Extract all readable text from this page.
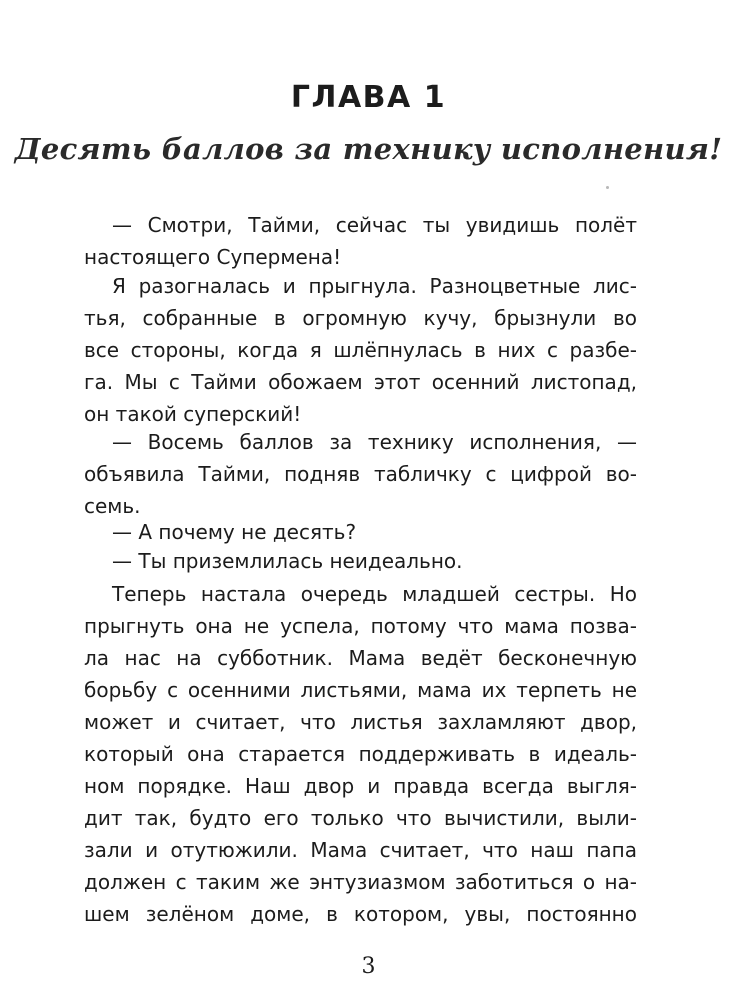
ГЛАВА 1
Десять баллов за технику исполнения!

— Смотри, Тайми, сейчас ты увидишь полёт

настоящего Супермена!

Я разогналась и прыгнула. Разноцветные лис-

тья, собранные в огромную кучу, брызнули во

все стороны, когда я шлёпнулась в них с разбе-

га. Мы с Тайми обожаем этот осенний листопад,

он такой суперский!

— Восемь баллов за технику исполнения, —

объявила Тайми, подняв табличку с цифрой во-

семь.

— А почему не десять?

— Ты приземлилась неидеально.

Теперь настала очередь младшей сестры. Но

прыгнуть она не успела, потому что мама позва-

ла нас на субботник. Мама ведёт бесконечную

борьбу с осенними листьями, мама их терпеть не

может и считает, что листья захламляют двор,

который она старается поддерживать в идеаль-

ном порядке. Наш двор и правда всегда выгля-

дит так, будто его только что вычистили, выли-

зали и отутюжили. Мама считает, что наш папа

должен с таким же энтузиазмом заботиться о на-

шем зелёном доме, в котором, увы, постоянно

3
